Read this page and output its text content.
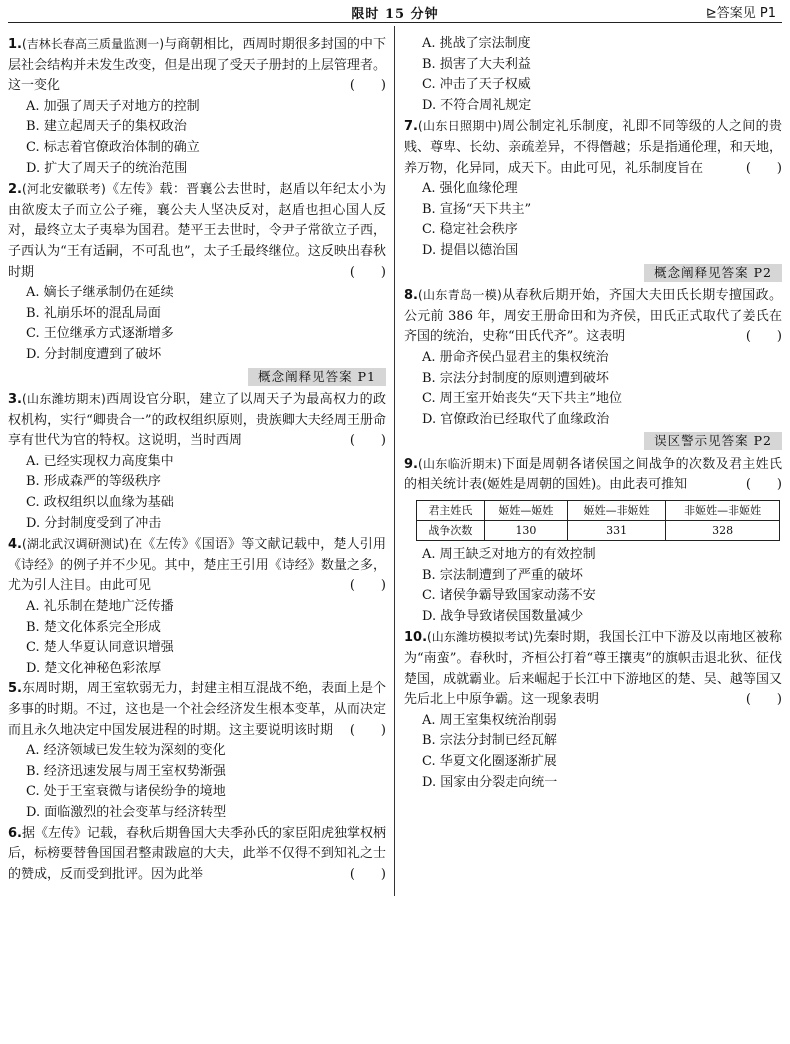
限时 15 分钟	⊵答案见 P1
1.(吉林长春高三质量监测一)与商朝相比，西周时期很多封国的中下层社会结构并未发生改变，但是出现了受天子册封的上层管理者。这一变化	(　　)
A. 加强了周天子对地方的控制
B. 建立起周天子的集权政治
C. 标志着官僚政治体制的确立
D. 扩大了周天子的统治范围
2.(河北安徽联考)《左传》载：晋襄公去世时，赵盾以年纪太小为由欲废太子而立公子雍，襄公夫人坚决反对，赵盾也担心国人反对，最终立太子夷皋为国君。楚平王去世时，令尹子常欲立子西，子西认为“王有适嗣，不可乱也”，太子壬最终继位。这反映出春秋时期	(　　)
A. 嫡长子继承制仍在延续
B. 礼崩乐坏的混乱局面
C. 王位继承方式逐渐增多
D. 分封制度遭到了破坏
概念阐释见答案 P1
3.(山东潍坊期末)西周设官分职，建立了以周天子为最高权力的政权机构，实行“卿贵合一”的政权组织原则，贵族卿大夫经周王册命享有世代为官的特权。这说明，当时西周	(　　)
A. 已经实现权力高度集中
B. 形成森严的等级秩序
C. 政权组织以血缘为基础
D. 分封制度受到了冲击
4.(湖北武汉调研测试)在《左传》《国语》等文献记载中，楚人引用《诗经》的例子并不少见。其中，楚庄王引用《诗经》数量之多，尤为引人注目。由此可见	(　　)
A. 礼乐制在楚地广泛传播
B. 楚文化体系完全形成
C. 楚人华夏认同意识增强
D. 楚文化神秘色彩浓厚
5.东周时期，周王室软弱无力，封建主相互混战不绝，表面上是个多事的时期。不过，这也是一个社会经济发生根本变革，从而决定而且永久地决定中国发展进程的时期。这主要说明该时期 (　　)
A. 经济领域已发生较为深刻的变化
B. 经济迅速发展与周王室权势渐强
C. 处于王室衰微与诸侯纷争的境地
D. 面临激烈的社会变革与经济转型
6.据《左传》记载，春秋后期鲁国大夫季孙氏的家臣阳虎独掌权柄后，标榜要替鲁国国君整肃跋扈的大夫，此举不仅得不到知礼之士的赞成，反而受到批评。因为此举	(　　)
A. 挑战了宗法制度
B. 损害了大夫利益
C. 冲击了天子权威
D. 不符合周礼规定
7.(山东日照期中)周公制定礼乐制度，礼即不同等级的人之间的贵贱、尊卑、长幼、亲疏差异，不得僭越；乐是指通伦理，和天地，养万物，化异同，成天下。由此可见，礼乐制度旨在	(　　)
A. 强化血缘伦理
B. 宣扬“天下共主”
C. 稳定社会秩序
D. 提倡以德治国
概念阐释见答案 P2
8.(山东青岛一模)从春秋后期开始，齐国大夫田氏长期专擅国政。公元前 386 年，周安王册命田和为齐侯，田氏正式取代了姜氏在齐国的统治，史称“田氏代齐”。这表明	(　　)
A. 册命齐侯凸显君主的集权统治
B. 宗法分封制度的原则遭到破坏
C. 周王室开始丧失“天下共主”地位
D. 官僚政治已经取代了血缘政治
误区警示见答案 P2
9.(山东临沂期末)下面是周朝各诸侯国之间战争的次数及君主姓氏的相关统计表(姬姓是周朝的国姓)。由此表可推知	(　　)
君主姓氏	姬姓—姬姓	姬姓—非姬姓	非姬姓—非姬姓
战争次数	130	331	328
A. 周王缺乏对地方的有效控制
B. 宗法制遭到了严重的破坏
C. 诸侯争霸导致国家动荡不安
D. 战争导致诸侯国数量减少
10.(山东潍坊模拟考试)先秦时期，我国长江中下游及以南地区被称为“南蛮”。春秋时，齐桓公打着“尊王攘夷”的旗帜击退北狄、征伐楚国，成就霸业。后来崛起于长江中下游地区的楚、吴、越等国又先后北上中原争霸。这一现象表明	(　　)
A. 周王室集权统治削弱
B. 宗法分封制已经瓦解
C. 华夏文化圈逐渐扩展
D. 国家由分裂走向统一
